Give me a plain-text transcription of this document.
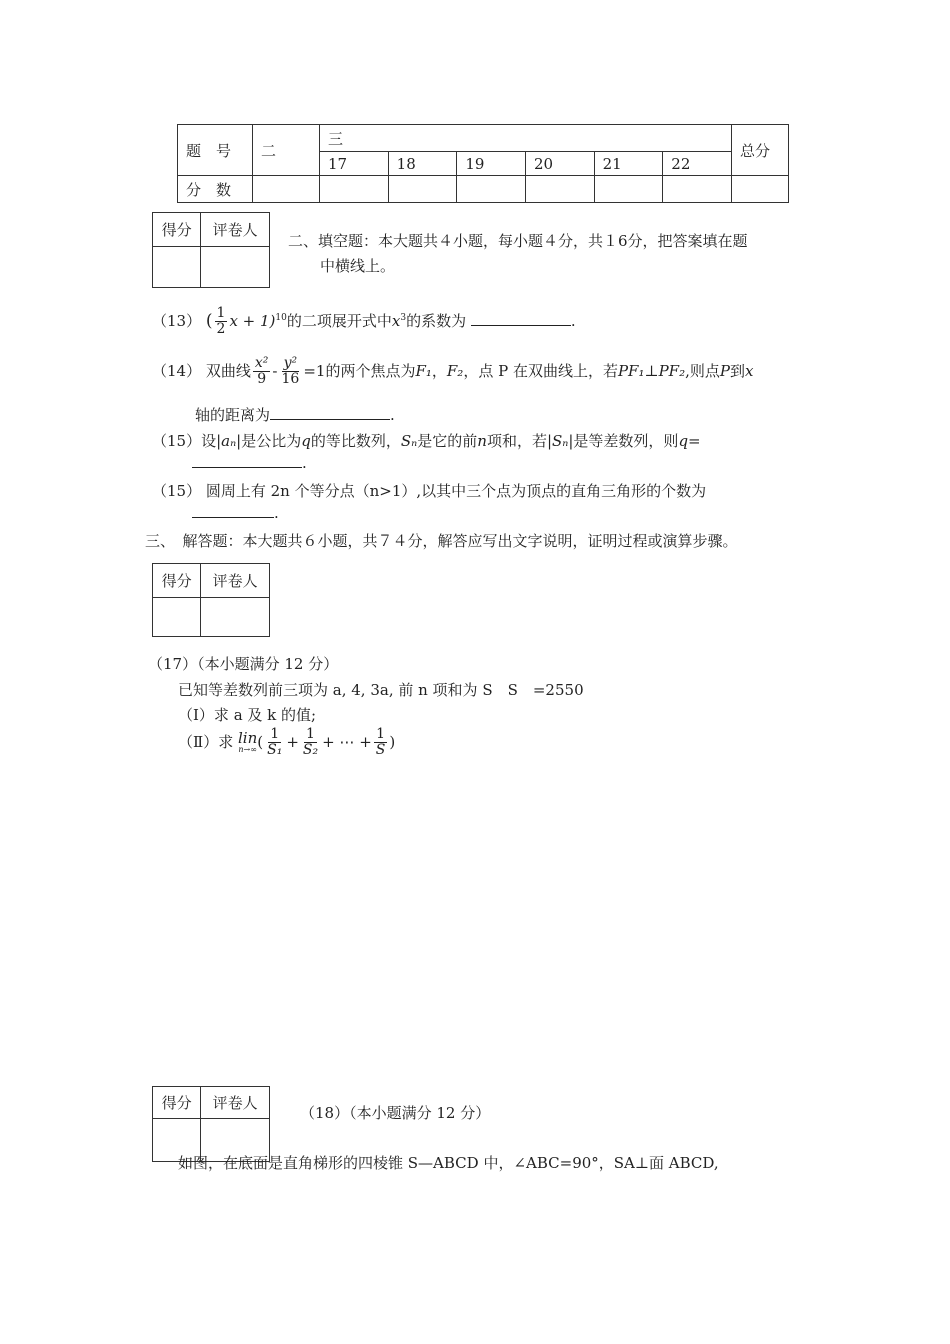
题　号	二	三						总分
		17	18	19	20	21	22	
分　数								
得分	评卷人

二、填空题：本大题共４小题，每小题４分，共１6分，把答案填在题
中横线上。
（13） ( $\frac{1}{2}$ x + 1)$^{10}$的二项展开式中$x^3$的系数为	.
（14） 双曲线 $\frac{\text{x²}}{9} - \frac{\text{y²}}{16} =1$的两个焦点为F₁，F₂，点 P 在双曲线上，若PF₁⊥PF₂,则点P到x
轴的距离为	.
（15）设|aₙ|是公比为q的等比数列，Sₙ是它的前n项和，若|Sₙ|是等差数列，则q=
.
（15） 圆周上有 2n 个等分点（n>1）,以其中三个点为顶点的直角三角形的个数为
.
三、　解答题：本大题共６小题，共７４分，解答应写出文字说明，证明过程或演算步骤。
得分	评卷人

（17）（本小题满分 12 分）
已知等差数列前三项为 a, 4, 3a, 前 n 项和为 S　S　=2550
（Ⅰ）求 a 及 k 的值;
（Ⅱ）求 lin
n→∞ ( $\frac{1}{\text{S₁}} + \frac{1}{\text{S₂}}$ + ⋯ + $\frac{1}{S}$ )
得分	评卷人

（18）（本小题满分 12 分）
如图，在底面是直角梯形的四棱锥 S—ABCD 中，∠ABC=90°，SA⊥面 ABCD,
